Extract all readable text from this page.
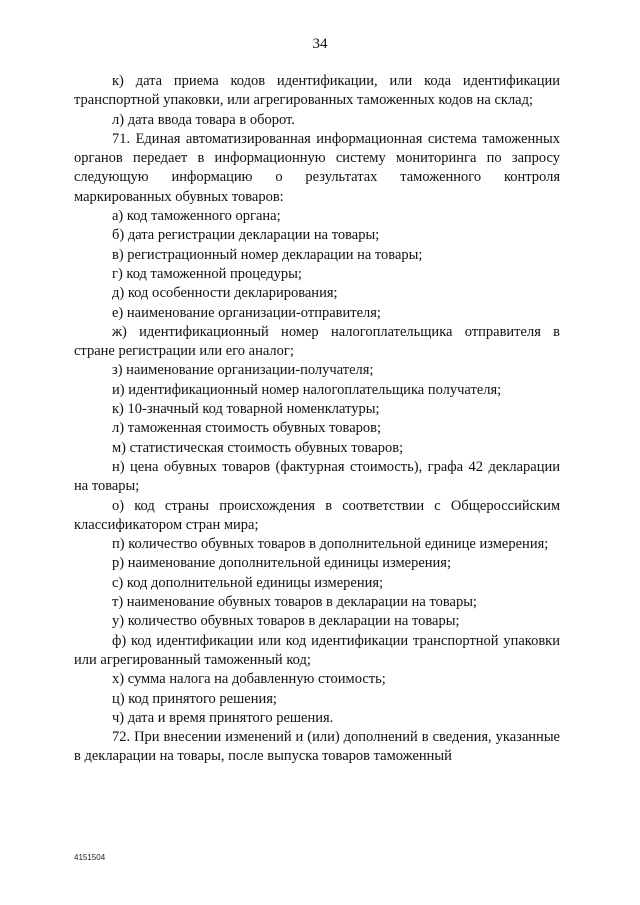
34

к) дата приема кодов идентификации, или кода идентификации транспортной упаковки, или агрегированных таможенных кодов на склад;

л) дата ввода товара в оборот.

71. Единая автоматизированная информационная система таможенных органов передает в информационную систему мониторинга по запросу следующую информацию о результатах таможенного контроля маркированных обувных товаров:

а) код таможенного органа;

б) дата регистрации декларации на товары;

в) регистрационный номер декларации на товары;

г) код таможенной процедуры;

д) код особенности декларирования;

е) наименование организации-отправителя;

ж) идентификационный номер налогоплательщика отправителя в стране регистрации или его аналог;

з) наименование организации-получателя;

и) идентификационный номер налогоплательщика получателя;

к) 10-значный код товарной номенклатуры;

л) таможенная стоимость обувных товаров;

м) статистическая стоимость обувных товаров;

н) цена обувных товаров (фактурная стоимость), графа 42 декларации на товары;

о) код страны происхождения в соответствии с Общероссийским классификатором стран мира;

п) количество обувных товаров в дополнительной единице измерения;

р) наименование дополнительной единицы измерения;

с) код дополнительной единицы измерения;

т) наименование обувных товаров в декларации на товары;

у) количество обувных товаров в декларации на товары;

ф) код идентификации или код идентификации транспортной упаковки или агрегированный таможенный код;

х) сумма налога на добавленную стоимость;

ц) код принятого решения;

ч) дата и время принятого решения.

72. При внесении изменений и (или) дополнений в сведения, указанные в декларации на товары, после выпуска товаров таможенный

4151504
